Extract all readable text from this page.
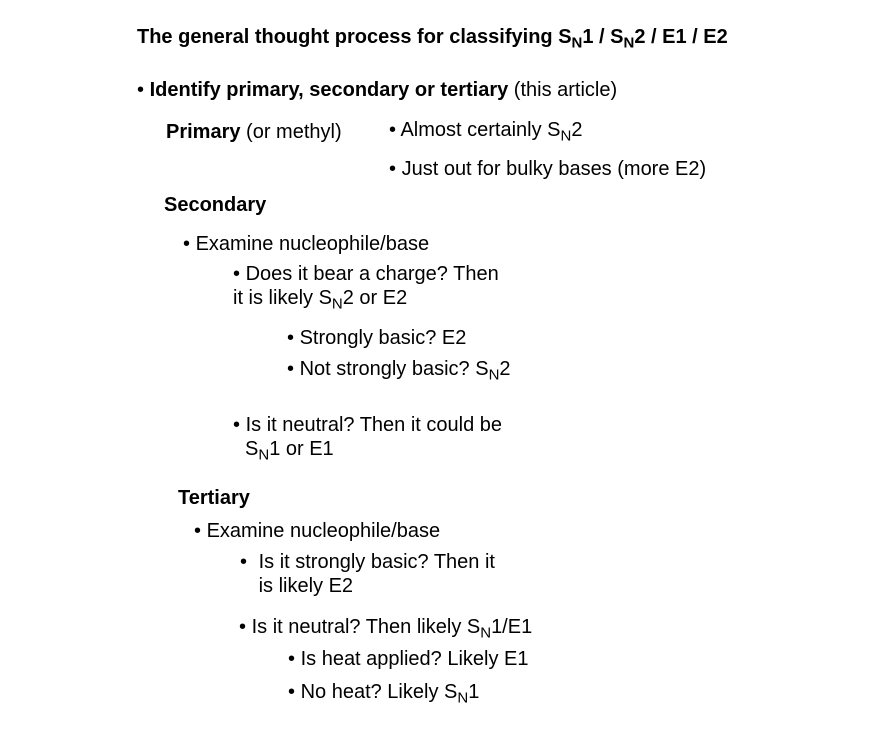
The general thought process for classifying $S_N1 / S_N2 / E1 / E2$
• Identify primary, secondary or tertiary (this article)
Primary (or methyl) • Almost certainly $S_N2$
• Just out for bulky bases (more E2)
Secondary
• Examine nucleophile/base
• Does it bear a charge? Then
it is likely $S_N2$ or E2
• Strongly basic? E2
• Not strongly basic? $S_N2$
• Is it neutral? Then it could be
$S_N1$ or E1
Tertiary
• Examine nucleophile/base
• Is it strongly basic? Then it
is likely E2
• Is it neutral? Then likely $S_N1/E1$
• Is heat applied? Likely E1
• No heat? Likely $S_N1$
